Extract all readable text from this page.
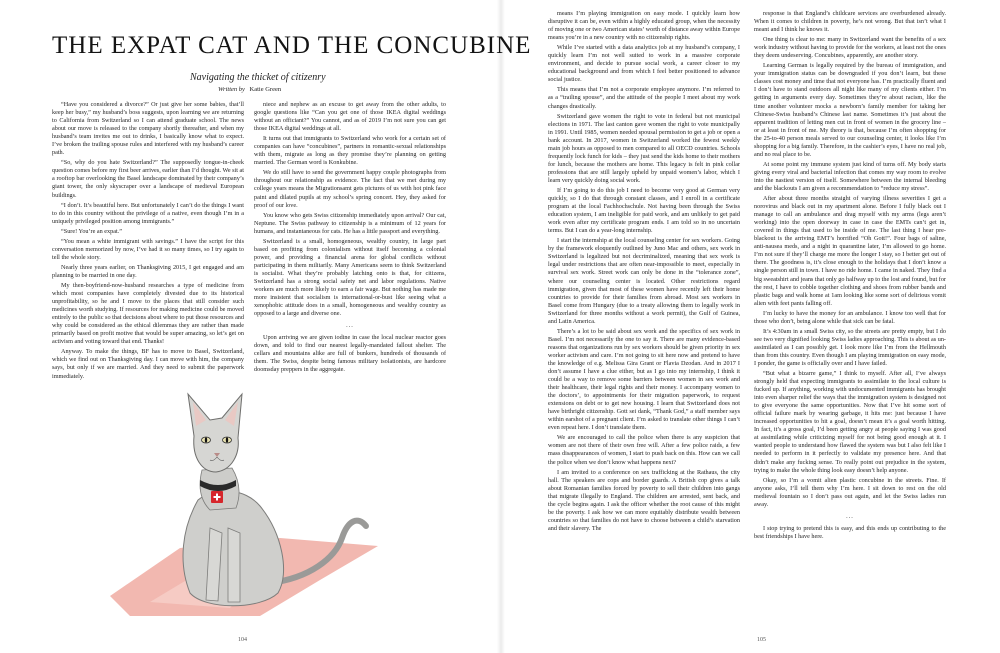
THE EXPAT CAT AND THE CONCUBINE
Navigating the thicket of citizenry
Written by Katie Green

“Have you considered a divorce?” Or just give her some babies, that’ll keep her busy,” my husband’s boss suggests, upon learning we are returning to California from Switzerland so I can attend graduate school. The news about our move is released to the company shortly thereafter, and when my husband’s team invites me out to drinks, I basically know what to expect. I’ve broken the trailing spouse rules and interfered with my husband’s career path.

“So, why do you hate Switzerland?” The supposedly tongue-in-cheek question comes before my first beer arrives, earlier than I’d thought. We sit at a rooftop bar overlooking the Basel landscape dominated by their company’s giant tower, the only skyscraper over a landscape of medieval European buildings.

“I don’t. It’s beautiful here. But unfortunately I can’t do the things I want to do in this country without the privilege of a native, even though I’m in a uniquely privileged position among immigrants.”

“Sure! You’re an expat.”

“You mean a white immigrant with savings.” I have the script for this conversation memorized by now, I’ve had it so many times, so I try again to tell the whole story.

Nearly three years earlier, on Thanksgiving 2015, I get engaged and am planning to be married in one day.

My then-boyfriend-now-husband researches a type of medicine from which most companies have completely divested due to its historical unprofitability, so he and I move to the places that still consider such medicines worth studying. If resources for making medicine could be moved entirely to the public so that decisions about where to put those resources and why could be considered as the ethical dilemmas they are rather than made primarily based on profit motive that would be super amazing, so let’s get on activism and voting toward that end. Thanks!

Anyway. To make the things, BF has to move to Basel, Switzerland, which we find out on Thanksgiving day. I can move with him, the company says, but only if we are married. And they need to submit the paperwork immediately.

niece and nephew as an excuse to get away from the other adults, to google questions like “Can you get one of those IKEA digital weddings without an officiant?” You cannot, and as of 2019 I’m not sure you can get those IKEA digital weddings at all.

It turns out that immigrants to Switzerland who work for a certain set of companies can have “concubines”, partners in romantic-sexual relationships with them, migrate as long as they promise they’re planning on getting married. The German word is Konkubine.

We do still have to send the government happy couple photographs from throughout our relationship as evidence. The fact that we met during my college years means the Migrationsamt gets pictures of us with hot pink face paint and dilated pupils at my school’s spring concert. Hey, they asked for proof of our love.

You know who gets Swiss citizenship immediately upon arrival? Our cat, Neptune. The Swiss pathway to citizenship is a minimum of 12 years for humans, and instantaneous for cats. He has a little passport and everything.

Switzerland is a small, homogeneous, wealthy country, in large part based on profiting from colonialism without itself becoming a colonial power, and providing a financial arena for global conflicts without participating in them militarily. Many Americans seem to think Switzerland is socialist. What they’re probably latching onto is that, for citizens, Switzerland has a strong social safety net and labor regulations. Native workers are much more likely to earn a fair wage. But nothing has made me more insistent that socialism is international-or-bust like seeing what a xenophobic attitude does in a small, homogeneous and wealthy country as opposed to a large and diverse one.

...

Upon arriving we are given iodine in case the local nuclear reactor goes down, and told to find our nearest legally-mandated fallout shelter. The cellars and mountains alike are full of bunkers, hundreds of thousands of them. The Swiss, despite being famous military isolationists, are hardcore doomsday preppers in the aggregate.

means I’m playing immigration on easy mode. I quickly learn how disruptive it can be, even within a highly educated group, when the necessity of moving one or two American states’ worth of distance away within Europe means you’re in a new country with no citizenship rights.

While I’ve started with a data analytics job at my husband’s company, I quickly learn I’m not well suited to work in a massive corporate environment, and decide to pursue social work, a career closer to my educational background and from which I feel better positioned to advance social justice.

This means that I’m not a corporate employee anymore. I’m referred to as a “trailing spouse”, and the attitude of the people I meet about my work changes drastically.

Switzerland gave women the right to vote in federal but not municipal elections in 1971. The last canton gave women the right to vote municipally in 1991. Until 1985, women needed spousal permission to get a job or open a bank account. In 2017, women in Switzerland worked the fewest weekly main job hours as opposed to men compared to all OECD countries. Schools frequently lock funch for kids – they just send the kids home to their mothers for lunch, because the mothers are home. This legacy is felt in pink collar professions that are still largely upheld by unpaid women’s labor, which I learn very quickly doing social work.

If I’m going to do this job I need to become very good at German very quickly, so I do that through constant classes, and I enroll in a certificate program at the local Fachhochschule. Not having been through the Swiss education system, I am ineligible for paid work, and am unlikely to get paid work even after my certificate program ends. I am told so in no uncertain terms. But I can do a year-long internship.

I start the internship at the local counseling center for sex workers. Going by the framework eloquently outlined by Juno Mac and others, sex work in Switzerland is legalized but not decriminalized, meaning that sex work is legal under restrictions that are often near-impossible to meet, especially in survival sex work. Street work can only be done in the “tolerance zone”, where our counseling center is located. Other restrictions regard immigration, given that most of these women have recently left their home countries to provide for their families from abroad. Most sex workers in Basel come from Hungary (due to a treaty allowing them to legally work in Switzerland for three months without a work permit), the Gulf of Guinea, and Latin America.

There’s a lot to be said about sex work and the specifics of sex work in Basel. I’m not necessarily the one to say it. There are many evidence-based reasons that organizations run by sex workers should be given priority in sex worker activism and care. I’m not going to sit here now and pretend to have the knowledge of e.g. Melissa Gira Grant or Flavia Dzodan. And in 2017 I don’t assume I have a clue either, but as I go into my internship, I think it could be a way to remove some barriers between women in sex work and their healthcare, their legal rights and their money. I accompany women to the doctors’, to appointments for their migration paperwork, to request extensions on debt or to get new housing. I learn that Switzerland does not have birthright citizenship. Gott sei dank, “Thank God,” a staff member says within earshot of a pregnant client. I’m asked to translate other things I can’t even repeat here. I don’t translate them.

We are encouraged to call the police when there is any suspicion that women are not there of their own free will. After a few police raids, a few mass disappearances of women, I start to push back on this. How can we call the police when we don’t know what happens next?

I am invited to a conference on sex trafficking at the Rathaus, the city hall. The speakers are cops and border guards. A British cop gives a talk about Romanian families forced by poverty to sell their children into gangs that migrate illegally to England. The children are arrested, sent back, and the cycle begins again. I ask the officer whether the root cause of this might be the poverty. I ask how we can more equitably distribute wealth between countries so that families do not have to choose between a child’s starvation and their slavery. The

response is that England’s childcare services are overburdened already. When it comes to children in poverty, he’s not wrong. But that isn’t what I meant and I think he knows it.

One thing is clear to me: many in Switzerland want the benefits of a sex work industry without having to provide for the workers, at least not the ones they deem undeserving. Concubines, apparently, are another story.

Learning German is legally required by the bureau of immigration, and your immigration status can be downgraded if you don’t learn, but these classes cost money and time that not everyone has. I’m practically fluent and I don’t have to stand outdoors all night like many of my clients either. I’m getting in arguments every day. Sometimes they’re about racism, like the time another volunteer mocks a newborn’s family member for taking her Chinese-Swiss husband’s Chinese last name. Sometimes it’s just about the apparent tradition of letting men cut in front of women in the grocery line – or at least in front of me. My theory is that, because I’m often shopping for the 25-to-40 person meals served to our counseling center, it looks like I’m shopping for a big family. Therefore, in the cashier’s eyes, I have no real job, and no real place to be.

At some point my immune system just kind of turns off. My body starts giving every viral and bacterial infection that comes my way room to evolve into the nastiest version of itself. Somewhere between the internal bleeding and the blackouts I am given a recommendation to “reduce my stress”.

After about three months straight of varying illness severities I get a norovirus and black out in my apartment alone. Before I fully black out I manage to call an ambulance and drag myself with my arms (legs aren’t working) into the open doorway in case in case the EMTs can’t get in, covered in things that used to be inside of me. The last thing I hear pre-blackout is the arriving EMT’s horrified “Oh Gott!”. Four bags of saline, anti-nausea meds, and a night in quarantine later, I’m allowed to go home. I’m not sure if they’ll charge me more the longer I stay, so I better get out of there. The goodness is, it’s close enough to the holidays that I don’t know a single person still in town. I have no ride home. I came in naked. They find a big sweatshirt and jeans that only go halfway up to the lost and found, but for the rest, I have to cobble together clothing and shoes from rubber bands and plastic bags and walk home at 1am looking like some sort of delirious vomit alien with feet pants falling off.

I’m lucky to have the money for an ambulance. I know too well that for those who don’t, being alone while that sick can be fatal.

It’s 4:30am in a small Swiss city, so the streets are pretty empty, but I do see two very dignified looking Swiss ladies approaching. This is about as un-assimilated as I can possibly get. I look more like I’m from the Hellmouth than from this country. Even though I am playing immigration on easy mode, I ponder, the game is officially over and I have failed.

“But what a bizarre game,” I think to myself. After all, I’ve always strongly held that expecting immigrants to assimilate to the local culture is fucked up. If anything, working with undocumented immigrants has brought into even sharper relief the ways that the immigration system is designed not to give everyone the same opportunities. Now that I’ve hit some sort of official failure mark by wearing garbage, it hits me: just because I have increased opportunities to hit a goal, doesn’t mean it’s a goal worth hitting. In fact, it’s a gross goal, I’d been getting angry at people saying I was good at assimilating while criticizing myself for not being good enough at it. I wanted people to understand how flawed the system was but I also felt like I needed to perform in it perfectly to validate my presence here. And that didn’t make any fucking sense. To really point out prejudice in the system, trying to make the whole thing look easy doesn’t help anyone.

Okay, so I’m a vomit alien plastic concubine in the streets. Fine. If anyone asks, I’ll tell them why I’m here. I sit down to rest on the old medieval fountain so I don’t pass out again, and let the Swiss ladies run away.

...

I stop trying to pretend this is easy, and this ends up contributing to the best friendships I have here.

104	105
